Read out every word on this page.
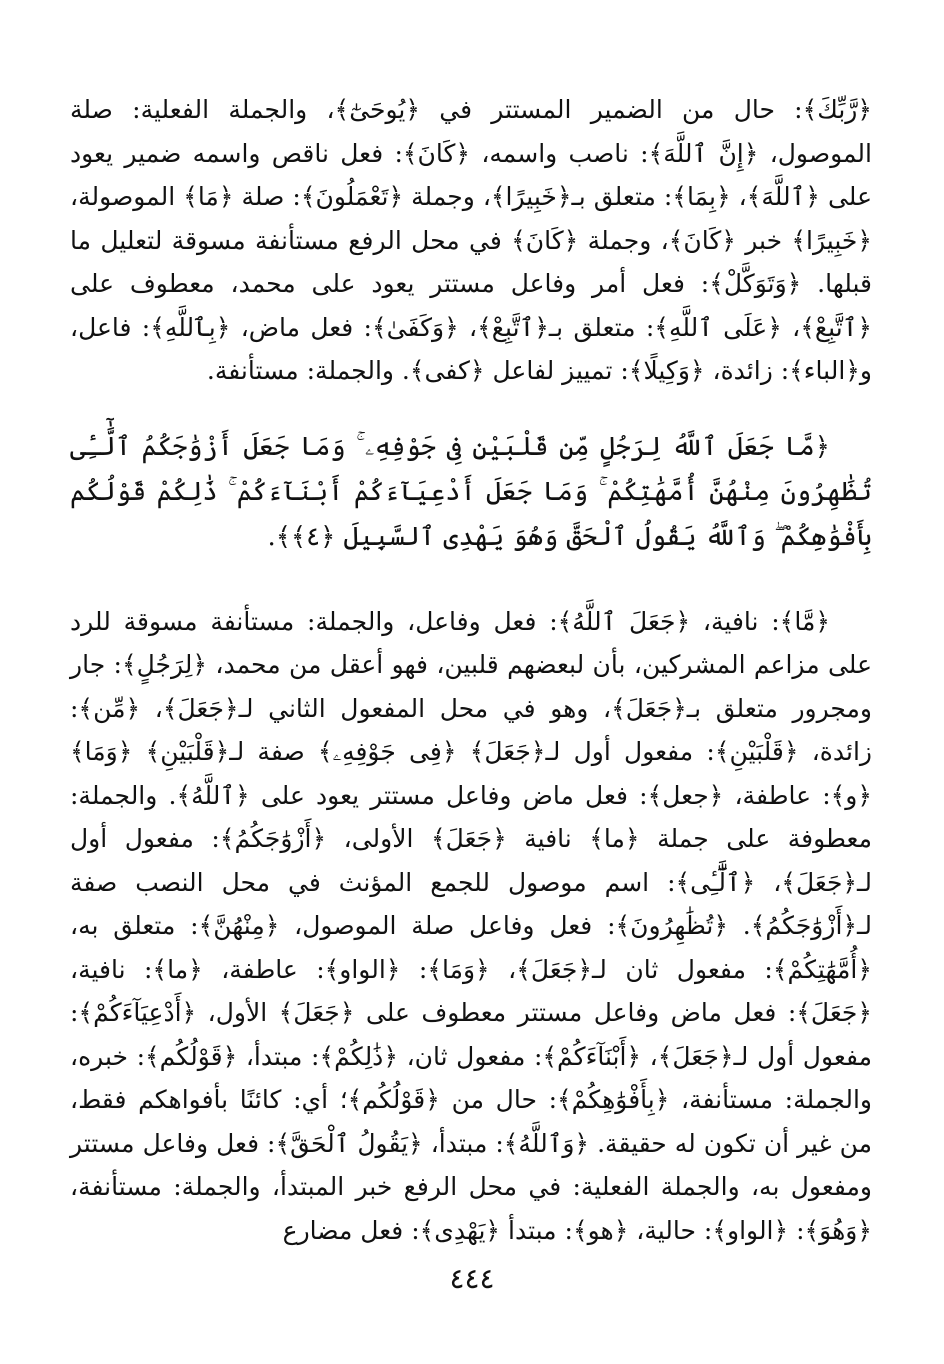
﴿رَّبِّكَ﴾: حال من الضمير المستتر في ﴿يُوحَىٰٓ﴾، والجملة الفعلية: صلة الموصول، ﴿إِنَّ ٱللَّهَ﴾: ناصب واسمه، ﴿كَانَ﴾: فعل ناقص واسمه ضمير يعود على ﴿ٱللَّهَ﴾، ﴿بِمَا﴾: متعلق بـ﴿خَبِيرًا﴾، وجملة ﴿تَعْمَلُونَ﴾: صلة ﴿مَا﴾ الموصولة، ﴿خَبِيرًا﴾ خبر ﴿كَانَ﴾، وجملة ﴿كَانَ﴾ في محل الرفع مستأنفة مسوقة لتعليل ما قبلها. ﴿وَتَوَكَّلْ﴾: فعل أمر وفاعل مستتر يعود على محمد، معطوف على ﴿ٱتَّبِعْ﴾، ﴿عَلَى ٱللَّهِ﴾: متعلق بـ﴿ٱتَّبِعْ﴾، ﴿وَكَفَىٰ﴾: فعل ماض، ﴿بِٱللَّهِ﴾: فاعل، و﴿الباء﴾: زائدة، ﴿وَكِيلًا﴾: تمييز لفاعل ﴿كفى﴾. والجملة: مستأنفة.

﴿مَّا جَعَلَ ٱللَّهُ لِرَجُلٍ مِّن قَلْبَيْنِ فِى جَوْفِهِۦ ۚ وَمَا جَعَلَ أَزْوَٰجَكُمُ ٱلَّٰٓـِٔى تُظَٰهِرُونَ مِنْهُنَّ أُمَّهَٰتِكُمْ ۚ وَمَا جَعَلَ أَدْعِيَآءَكُمْ أَبْنَآءَكُمْ ۚ ذَٰلِكُمْ قَوْلُكُم بِأَفْوَٰهِكُمْ ۖ وَٱللَّهُ يَقُولُ ٱلْحَقَّ وَهُوَ يَهْدِى ٱلسَّبِيلَ ﴿٤﴾﴾.

﴿مَّا﴾: نافية، ﴿جَعَلَ ٱللَّهُ﴾: فعل وفاعل، والجملة: مستأنفة مسوقة للرد على مزاعم المشركين، بأن لبعضهم قلبين، فهو أعقل من محمد، ﴿لِرَجُلٍ﴾: جار ومجرور متعلق بـ﴿جَعَلَ﴾، وهو في محل المفعول الثاني لـ﴿جَعَلَ﴾، ﴿مِّن﴾: زائدة، ﴿قَلْبَيْنِ﴾: مفعول أول لـ﴿جَعَلَ﴾ ﴿فِى جَوْفِهِۦ﴾ صفة لـ﴿قَلْبَيْنِ﴾ ﴿وَمَا﴾ ﴿و﴾: عاطفة، ﴿جعل﴾: فعل ماض وفاعل مستتر يعود على ﴿ٱللَّهُ﴾. والجملة: معطوفة على جملة ﴿ما﴾ نافية ﴿جَعَلَ﴾ الأولى، ﴿أَزْوَٰجَكُمُ﴾: مفعول أول لـ﴿جَعَلَ﴾، ﴿ٱلَّٰٓـِٔى﴾: اسم موصول للجمع المؤنث في محل النصب صفة لـ﴿أَزْوَٰجَكُمُ﴾. ﴿تُظَٰهِرُونَ﴾: فعل وفاعل صلة الموصول، ﴿مِنْهُنَّ﴾: متعلق به، ﴿أُمَّهَٰتِكُمْ﴾: مفعول ثان لـ﴿جَعَلَ﴾، ﴿وَمَا﴾: ﴿الواو﴾: عاطفة، ﴿ما﴾: نافية، ﴿جَعَلَ﴾: فعل ماض وفاعل مستتر معطوف على ﴿جَعَلَ﴾ الأول، ﴿أَدْعِيَآءَكُمْ﴾: مفعول أول لـ﴿جَعَلَ﴾، ﴿أَبْنَآءَكُمْ﴾: مفعول ثان، ﴿ذَٰلِكُمْ﴾: مبتدأ، ﴿قَوْلُكُم﴾: خبره، والجملة: مستأنفة، ﴿بِأَفْوَٰهِكُمْ﴾: حال من ﴿قَوْلُكُم﴾؛ أي: كائنًا بأفواهكم فقط، من غير أن تكون له حقيقة. ﴿وَٱللَّهُ﴾: مبتدأ، ﴿يَقُولُ ٱلْحَقَّ﴾: فعل وفاعل مستتر ومفعول به، والجملة الفعلية: في محل الرفع خبر المبتدأ، والجملة: مستأنفة، ﴿وَهُوَ﴾: ﴿الواو﴾: حالية، ﴿هو﴾: مبتدأ ﴿يَهْدِى﴾: فعل مضارع

٤٤٤
